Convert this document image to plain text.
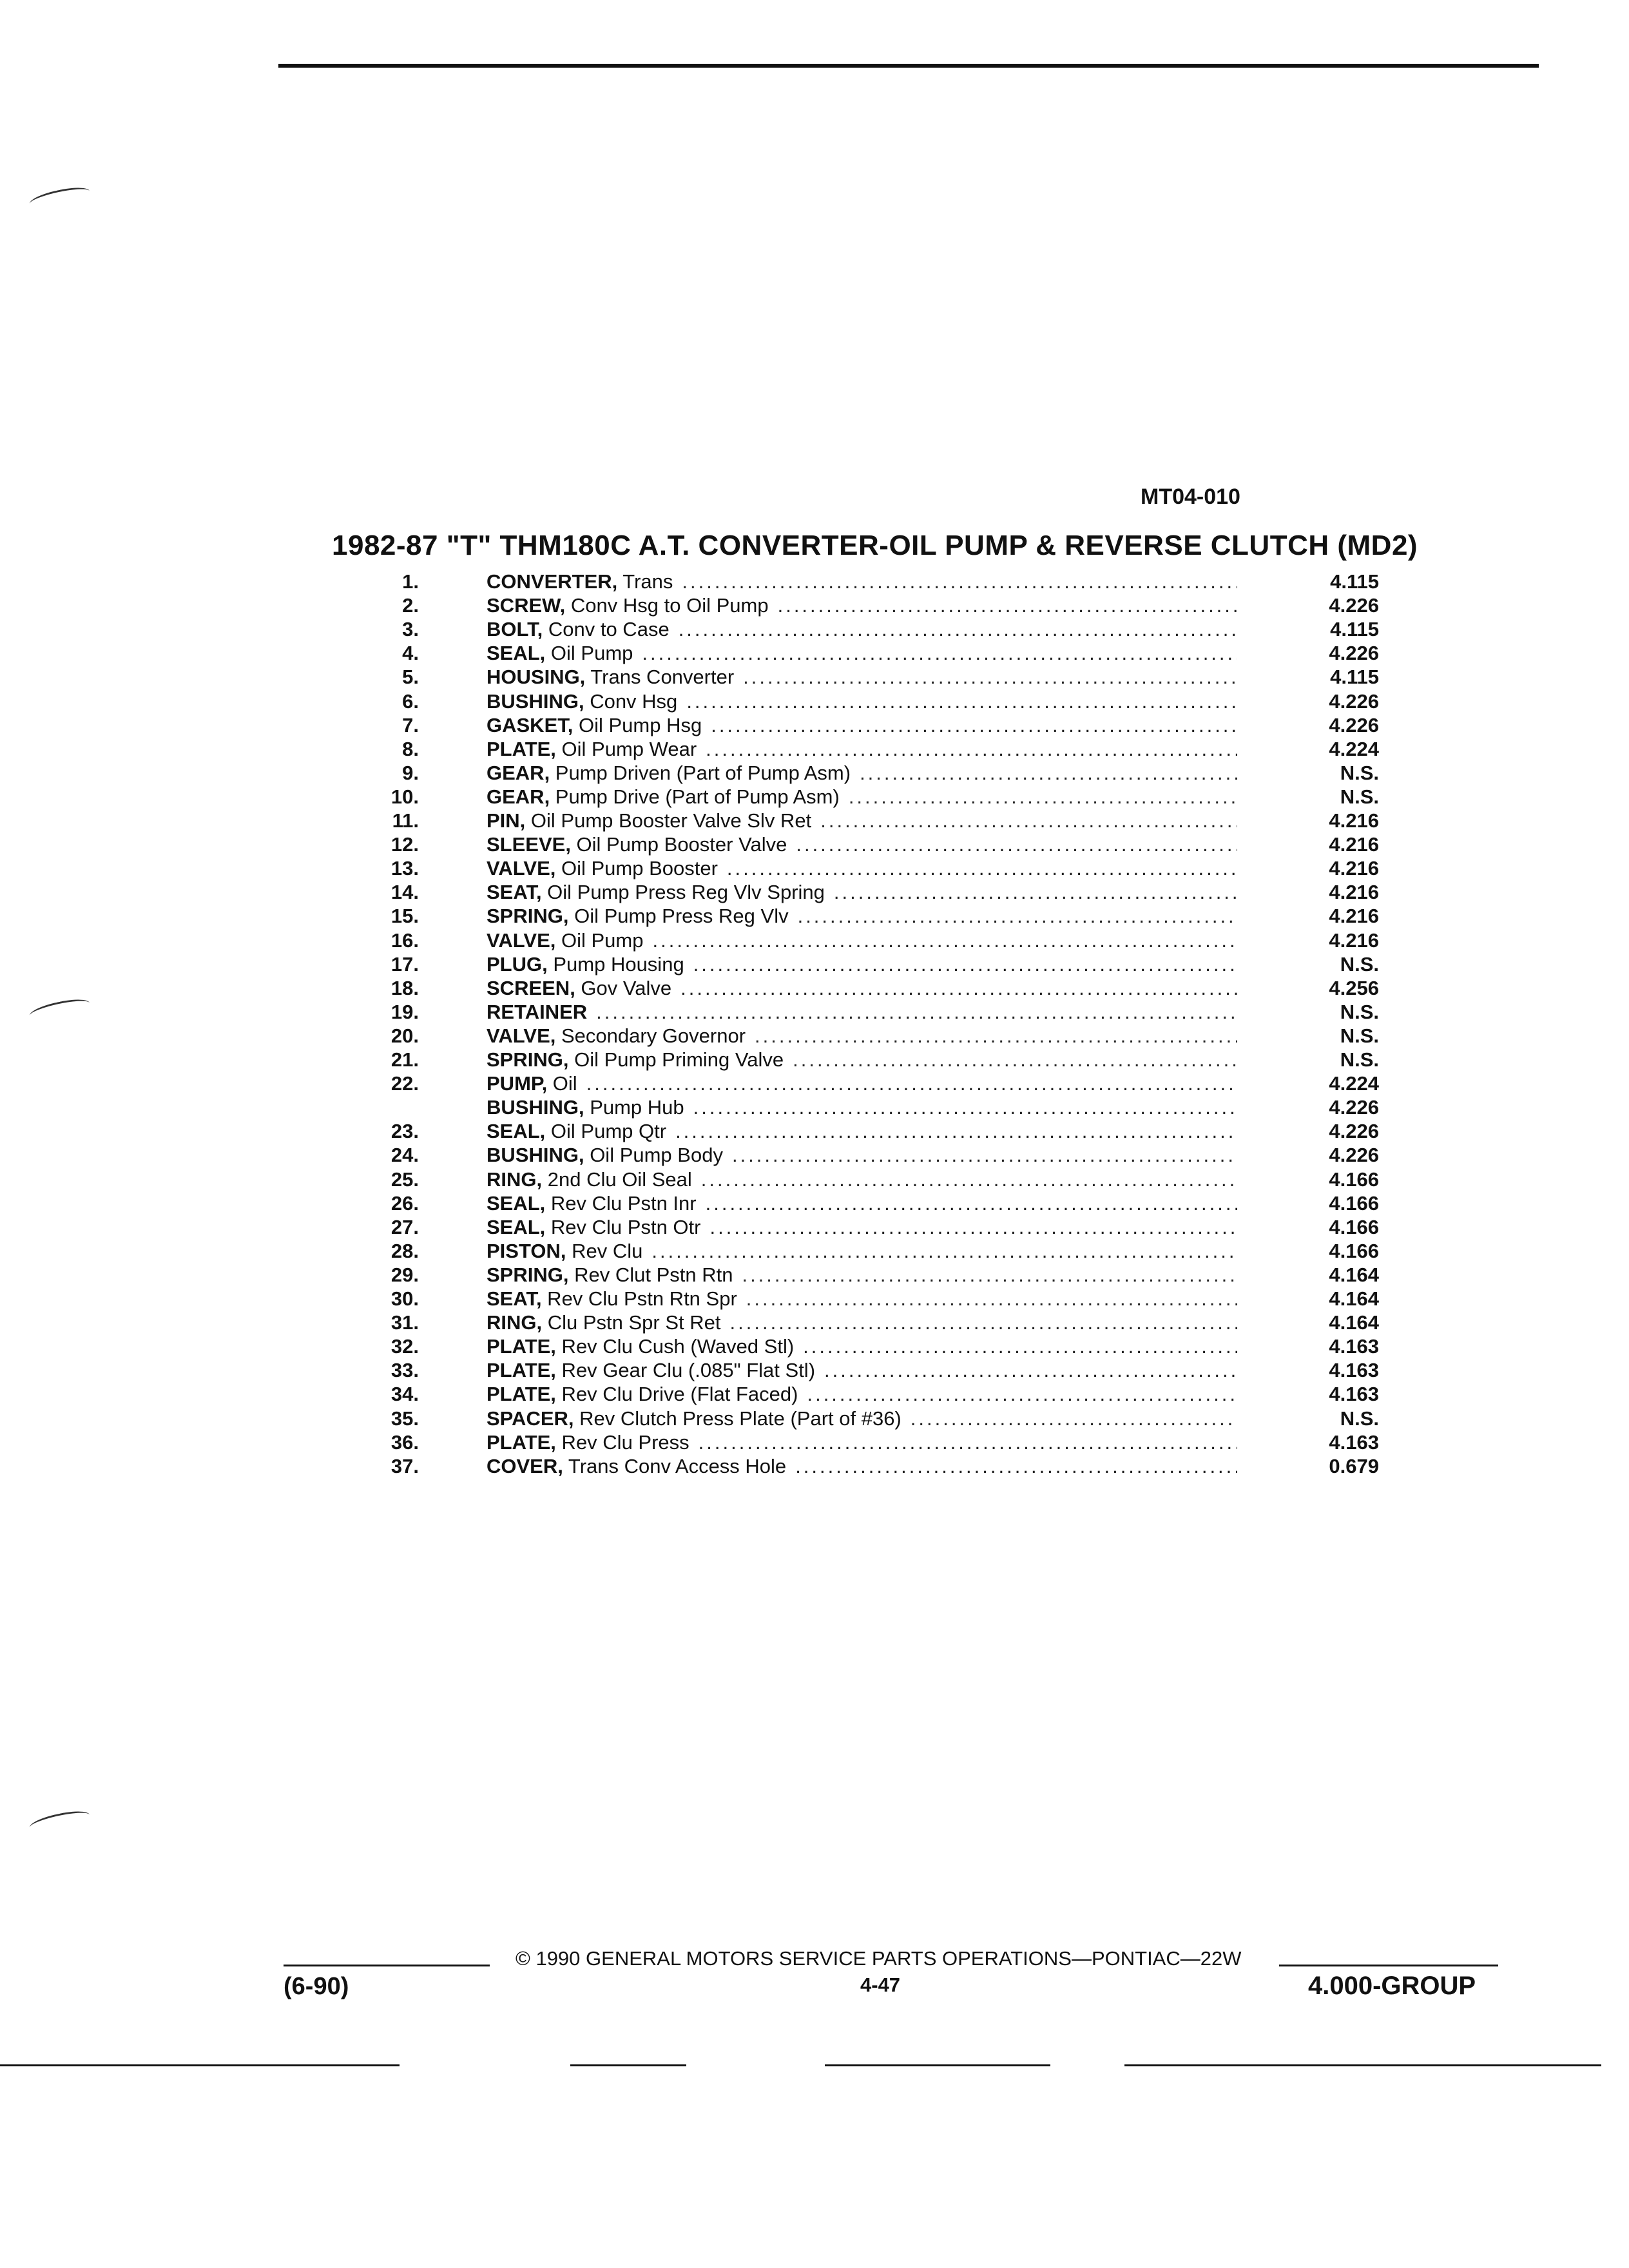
MT04-010
1982-87 "T" THM180C A.T. CONVERTER-OIL PUMP & REVERSE CLUTCH (MD2)
1.	CONVERTER, Trans .....	4.115
2.	SCREW, Conv Hsg to Oil Pump .....	4.226
3.	BOLT, Conv to Case .....	4.115
4.	SEAL, Oil Pump .....	4.226
5.	HOUSING, Trans Converter .....	4.115
6.	BUSHING, Conv Hsg .....	4.226
7.	GASKET, Oil Pump Hsg .....	4.226
8.	PLATE, Oil Pump Wear .....	4.224
9.	GEAR, Pump Driven (Part of Pump Asm) .....	N.S.
10.	GEAR, Pump Drive (Part of Pump Asm) .....	N.S.
11.	PIN, Oil Pump Booster Valve Slv Ret .....	4.216
12.	SLEEVE, Oil Pump Booster Valve .....	4.216
13.	VALVE, Oil Pump Booster .....	4.216
14.	SEAT, Oil Pump Press Reg Vlv Spring .....	4.216
15.	SPRING, Oil Pump Press Reg Vlv .....	4.216
16.	VALVE, Oil Pump .....	4.216
17.	PLUG, Pump Housing .....	N.S.
18.	SCREEN, Gov Valve .....	4.256
19.	RETAINER .....	N.S.
20.	VALVE, Secondary Governor .....	N.S.
21.	SPRING, Oil Pump Priming Valve .....	N.S.
22.	PUMP, Oil .....	4.224
BUSHING, Pump Hub .....	4.226
23.	SEAL, Oil Pump Qtr .....	4.226
24.	BUSHING, Oil Pump Body .....	4.226
25.	RING, 2nd Clu Oil Seal .....	4.166
26.	SEAL, Rev Clu Pstn Inr .....	4.166
27.	SEAL, Rev Clu Pstn Otr .....	4.166
28.	PISTON, Rev Clu .....	4.166
29.	SPRING, Rev Clut Pstn Rtn .....	4.164
30.	SEAT, Rev Clu Pstn Rtn Spr .....	4.164
31.	RING, Clu Pstn Spr St Ret .....	4.164
32.	PLATE, Rev Clu Cush (Waved Stl) .....	4.163
33.	PLATE, Rev Gear Clu (.085" Flat Stl) .....	4.163
34.	PLATE, Rev Clu Drive (Flat Faced) .....	4.163
35.	SPACER, Rev Clutch Press Plate (Part of #36) .....	N.S.
36.	PLATE, Rev Clu Press .....	4.163
37.	COVER, Trans Conv Access Hole .....	0.679
© 1990 GENERAL MOTORS SERVICE PARTS OPERATIONS—PONTIAC—22W
4-47
(6-90)	4.000-GROUP
